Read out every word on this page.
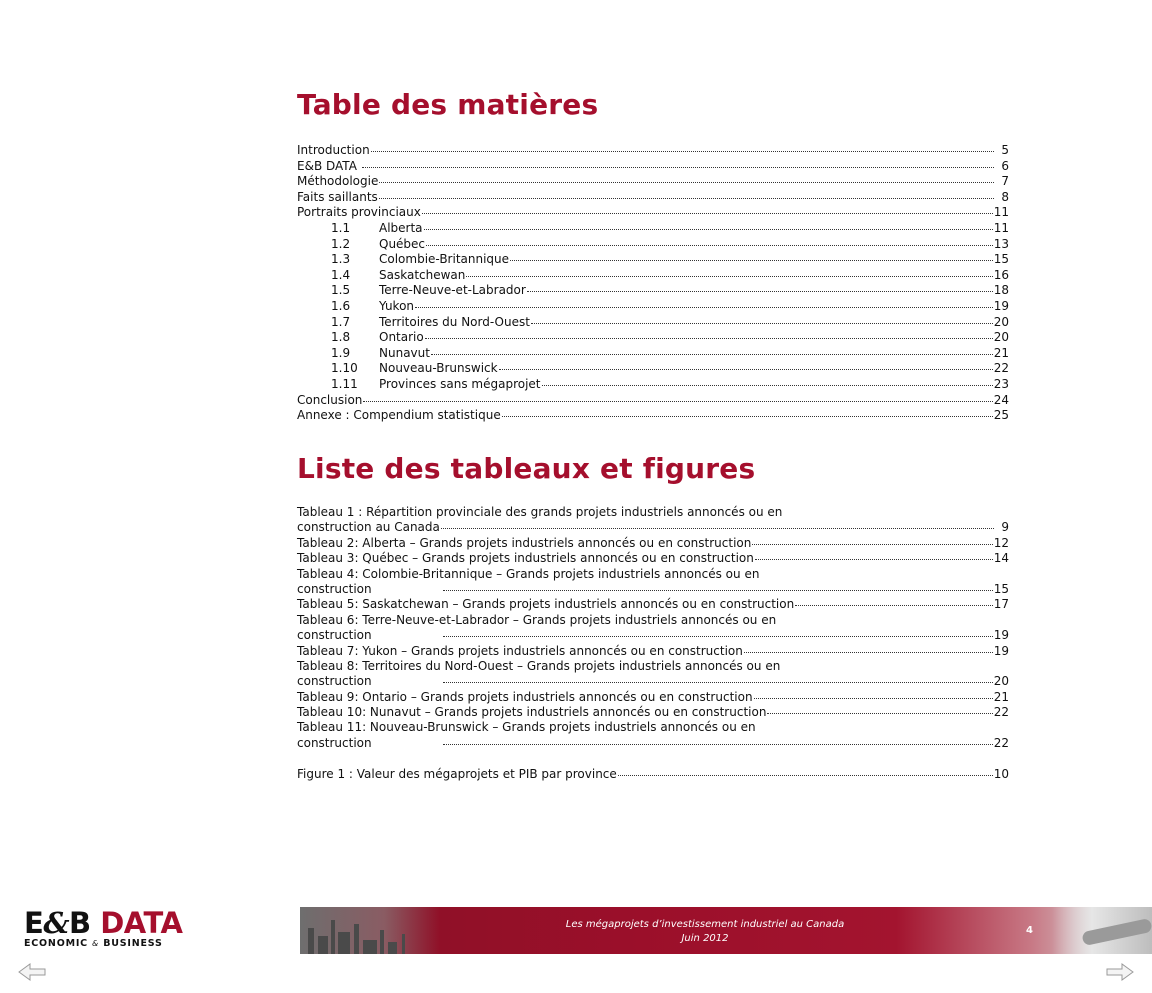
Table des matières
Introduction	5
E&B DATA	6
Méthodologie	7
Faits saillants	8
Portraits provinciaux	11
1.1	Alberta	11
1.2	Québec	13
1.3	Colombie-Britannique	15
1.4	Saskatchewan	16
1.5	Terre-Neuve-et-Labrador	18
1.6	Yukon	19
1.7	Territoires du Nord-Ouest	20
1.8	Ontario	20
1.9	Nunavut	21
1.10	Nouveau-Brunswick	22
1.11	Provinces sans mégaprojet	23
Conclusion	24
Annexe : Compendium statistique	25
Liste des tableaux et figures
Tableau 1 : Répartition provinciale des grands projets industriels annoncés ou en
construction au Canada	9
Tableau 2: Alberta – Grands projets industriels annoncés ou en construction	12
Tableau 3: Québec – Grands projets industriels annoncés ou en construction	14
Tableau 4: Colombie-Britannique – Grands projets industriels annoncés ou en
construction	15
Tableau 5: Saskatchewan – Grands projets industriels annoncés ou en construction	17
Tableau 6: Terre-Neuve-et-Labrador – Grands projets industriels annoncés ou en
construction	19
Tableau 7: Yukon – Grands projets industriels annoncés ou en construction	19
Tableau 8: Territoires du Nord-Ouest – Grands projets industriels annoncés ou en
construction	20
Tableau 9: Ontario – Grands projets industriels annoncés ou en construction	21
Tableau 10: Nunavut – Grands projets industriels annoncés ou en construction	22
Tableau 11: Nouveau-Brunswick – Grands projets industriels annoncés ou en
construction	22
Figure 1 : Valeur des mégaprojets et PIB par province	10
E&B DATA
ECONOMIC & BUSINESS
Les mégaprojets d’investissement industriel au Canada
Juin 2012
4
